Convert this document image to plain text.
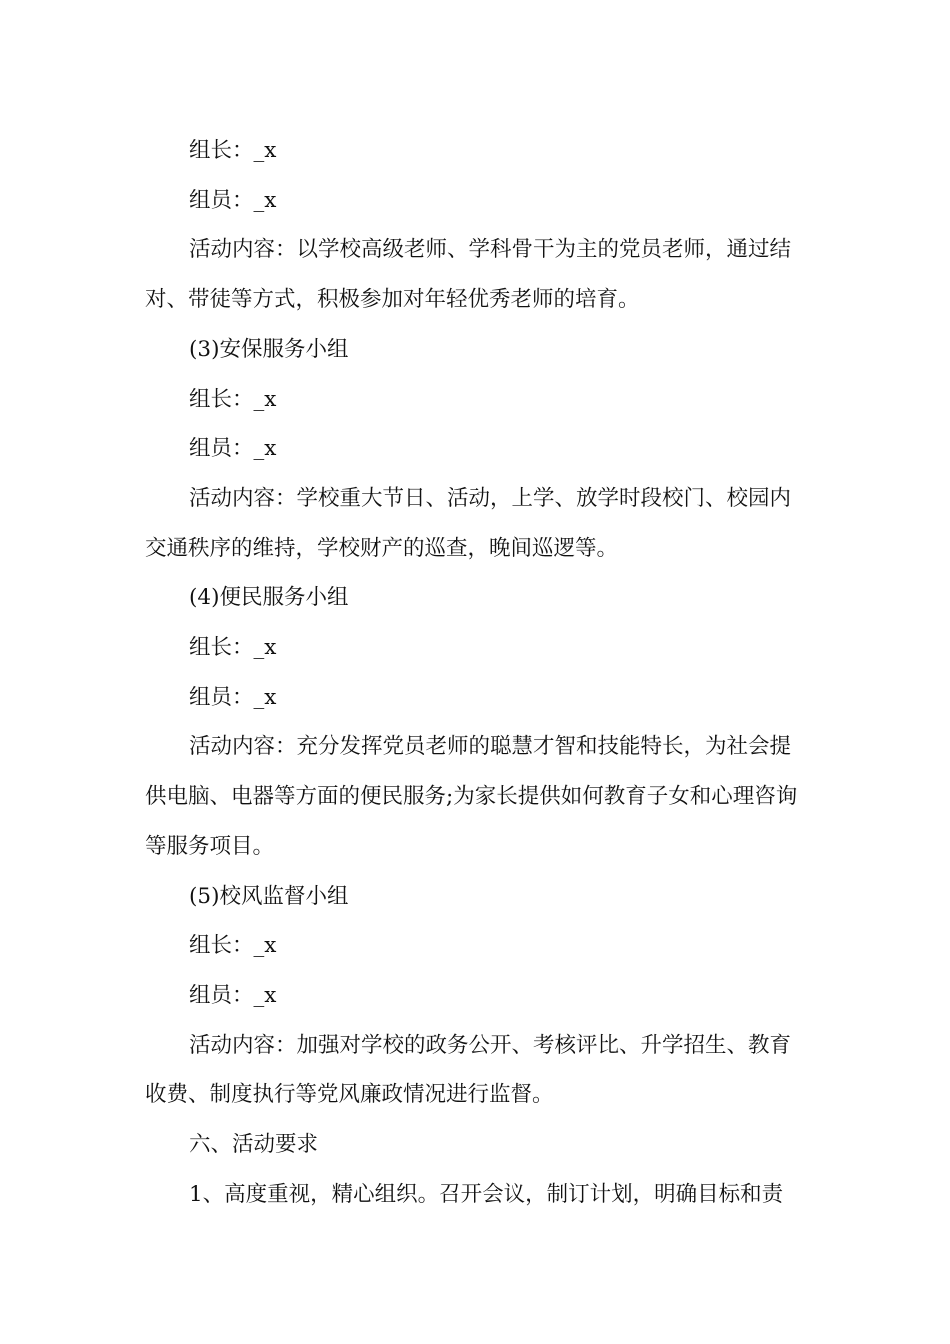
组长：_x

组员：_x

活动内容：以学校高级老师、学科骨干为主的党员老师，通过结对、带徒等方式，积极参加对年轻优秀老师的培育。

(3)安保服务小组

组长：_x

组员：_x

活动内容：学校重大节日、活动，上学、放学时段校门、校园内交通秩序的维持，学校财产的巡查，晚间巡逻等。

(4)便民服务小组

组长：_x

组员：_x

活动内容：充分发挥党员老师的聪慧才智和技能特长，为社会提供电脑、电器等方面的便民服务;为家长提供如何教育子女和心理咨询等服务项目。

(5)校风监督小组

组长：_x

组员：_x

活动内容：加强对学校的政务公开、考核评比、升学招生、教育收费、制度执行等党风廉政情况进行监督。

六、活动要求

1、高度重视，精心组织。召开会议，制订计划，明确目标和责
